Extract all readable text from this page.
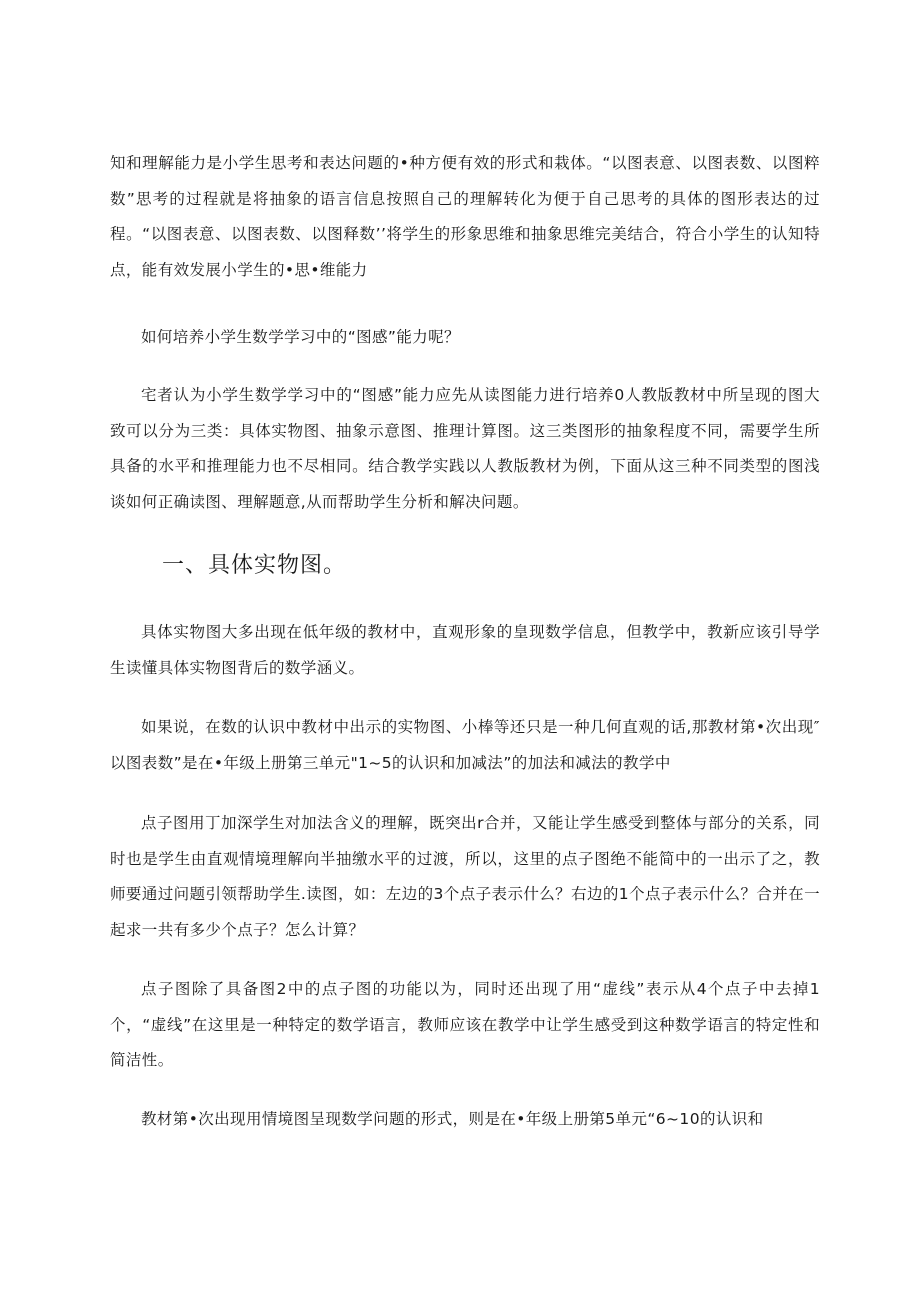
知和理解能力是小学生思考和表达问题的•种方便有效的形式和栽体。“以图表意、以图表数、以图粹数”思考的过程就是将抽象的语言信息按照自己的理解转化为便于自己思考的具体的图形表达的过程。“以图表意、以图表数、以图释数’’将学生的形象思维和抽象思维完美结合，符合小学生的认知特点，能有效发展小学生的•思•维能力

如何培养小学生数学学习中的“图感”能力呢？

宅者认为小学生数学学习中的“图感”能力应先从读图能力进行培养0人教版教材中所呈现的图大致可以分为三类：具体实物图、抽象示意图、推理计算图。这三类图形的抽象程度不同，需要学生所具备的水平和推理能力也不尽相同。结合教学实践以人教版教材为例，下面从这三种不同类型的图浅谈如何正确读图、理解题意,从而帮助学生分析和解决问题。

一、具体实物图。

具体实物图大多出现在低年级的教材中，直观形象的皇现数学信息，但教学中，教新应该引导学生读懂具体实物图背后的数学涵义。

如果说，在数的认识中教材中出示的实物图、小棒等还只是一种几何直观的话,那教材第•次出现″以图表数”是在•年级上册第三单元"1~5的认识和加减法”的加法和减法的教学中

点子图用丁加深学生对加法含义的理解，既突出r合并，又能让学生感受到整体与部分的关系，同时也是学生由直观情境理解向半抽缴水平的过渡，所以，这里的点子图绝不能简中的一出示了之，教师要通过问题引领帮助学生.读图，如：左边的3个点子表示什么？右边的1个点子表示什么？合并在一起求一共有多少个点子？怎么计算？

点子图除了具备图2中的点子图的功能以为，同时还出现了用“虚线”表示从4个点子中去掉1个，“虚线”在这里是一种特定的数学语言，教师应该在教学中让学生感受到这种数学语言的特定性和简洁性。

教材第•次出现用情境图呈现数学问题的形式，则是在•年级上册第5单元“6~10的认识和
